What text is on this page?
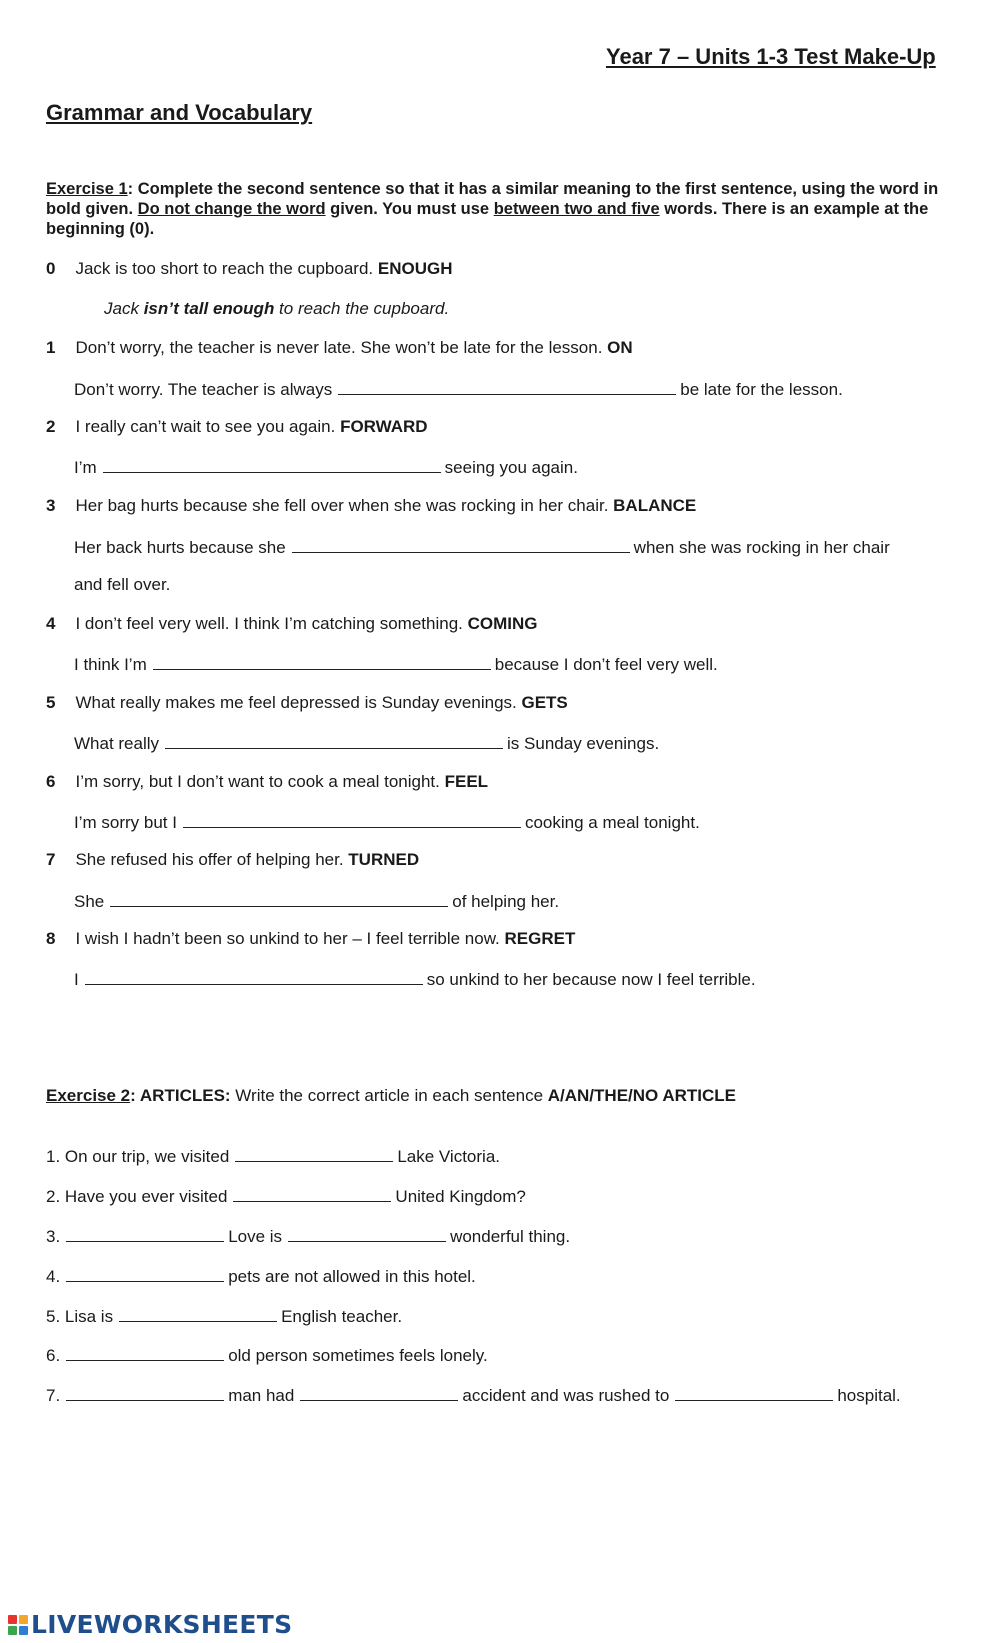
Year 7 – Units 1-3 Test Make-Up
Grammar and Vocabulary
Exercise 1: Complete the second sentence so that it has a similar meaning to the first sentence, using the word in bold given. Do not change the word given. You must use between two and five words. There is an example at the beginning (0).
0 Jack is too short to reach the cupboard. ENOUGH
Jack isn’t tall enough to reach the cupboard.
1 Don’t worry, the teacher is never late. She won’t be late for the lesson. ON
Don’t worry. The teacher is always	be late for the lesson.
2 I really can’t wait to see you again. FORWARD
I’m	seeing you again.
3 Her bag hurts because she fell over when she was rocking in her chair. BALANCE
Her back hurts because she	when she was rocking in her chair
and fell over.
4 I don’t feel very well. I think I’m catching something. COMING
I think I’m	because I don’t feel very well.
5 What really makes me feel depressed is Sunday evenings. GETS
What really	is Sunday evenings.
6 I’m sorry, but I don’t want to cook a meal tonight. FEEL
I’m sorry but I	cooking a meal tonight.
7 She refused his offer of helping her. TURNED
She	of helping her.
8 I wish I hadn’t been so unkind to her – I feel terrible now. REGRET
I	so unkind to her because now I feel terrible.
Exercise 2: ARTICLES: Write the correct article in each sentence A/AN/THE/NO ARTICLE
1. On our trip, we visited	Lake Victoria.
2. Have you ever visited	United Kingdom?
3.	Love is	wonderful thing.
4.	pets are not allowed in this hotel.
5. Lisa is	English teacher.
6.	old person sometimes feels lonely.
7.	man had	accident and was rushed to	hospital.
LIVEWORKSHEETS
